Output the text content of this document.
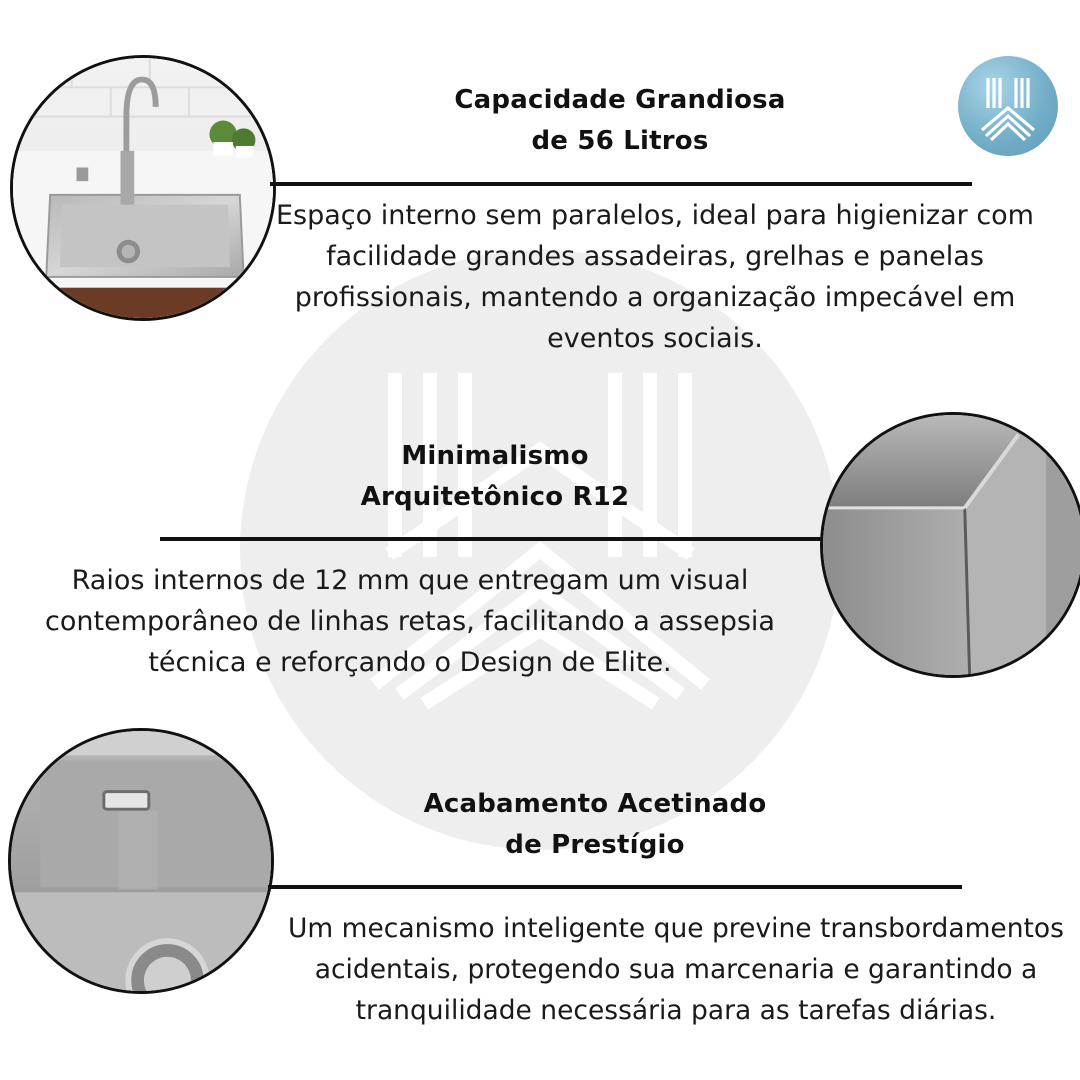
Capacidade Grandiosa
de 56 Litros
Espaço interno sem paralelos, ideal para higienizar com facilidade grandes assadeiras, grelhas e panelas profissionais, mantendo a organização impecável em eventos sociais.
Minimalismo
Arquitetônico R12
Raios internos de 12 mm que entregam um visual contemporâneo de linhas retas, facilitando a assepsia técnica e reforçando o Design de Elite.
Acabamento Acetinado
de Prestígio
Um mecanismo inteligente que previne transbordamentos acidentais, protegendo sua marcenaria e garantindo a tranquilidade necessária para as tarefas diárias.
